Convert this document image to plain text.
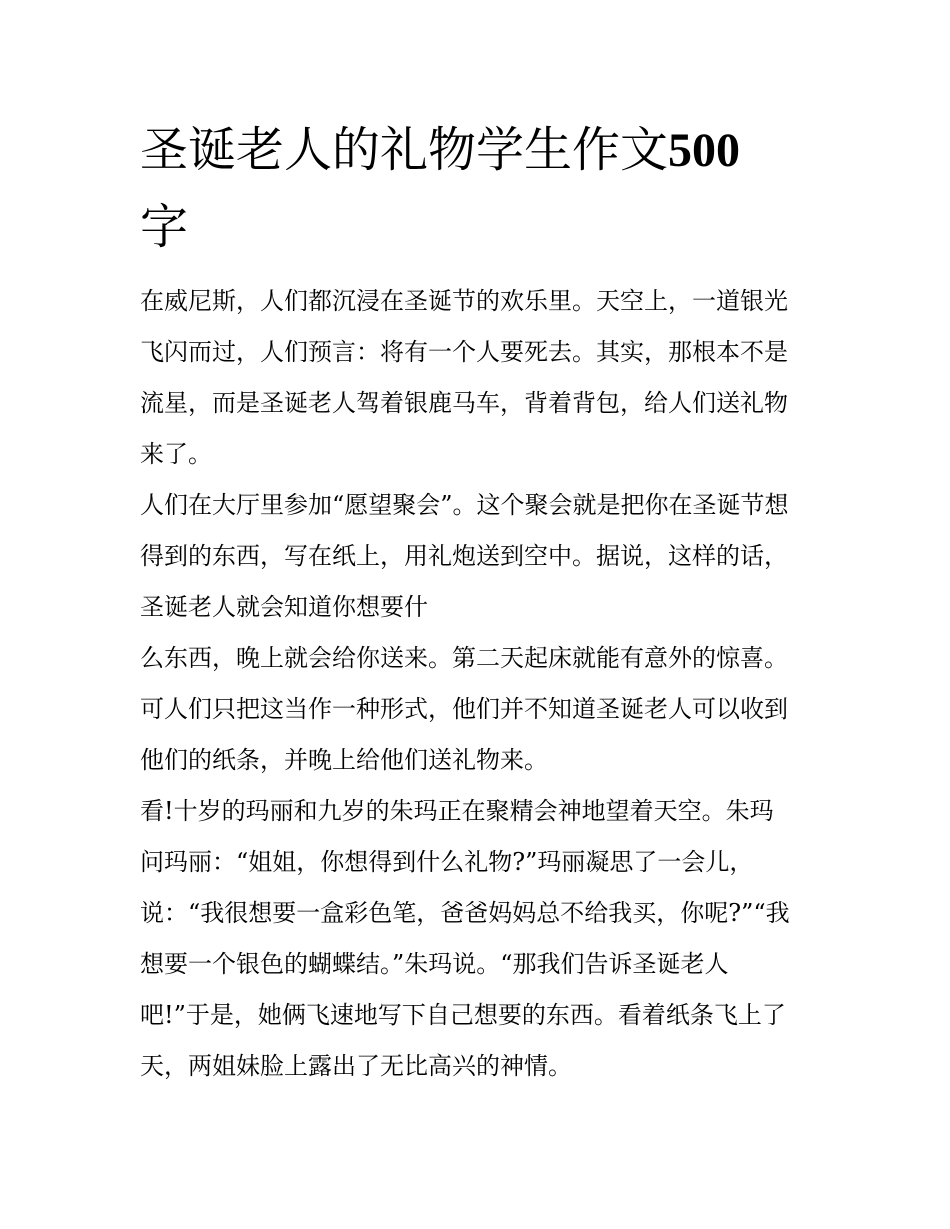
圣诞老人的礼物学生作文500
字
在威尼斯，人们都沉浸在圣诞节的欢乐里。天空上，一道银光
飞闪而过，人们预言：将有一个人要死去。其实，那根本不是
流星，而是圣诞老人驾着银鹿马车，背着背包，给人们送礼物
来了。
人们在大厅里参加“愿望聚会”。这个聚会就是把你在圣诞节想
得到的东西，写在纸上，用礼炮送到空中。据说，这样的话，
圣诞老人就会知道你想要什
么东西，晚上就会给你送来。第二天起床就能有意外的惊喜。
可人们只把这当作一种形式，他们并不知道圣诞老人可以收到
他们的纸条，并晚上给他们送礼物来。
看!十岁的玛丽和九岁的朱玛正在聚精会神地望着天空。朱玛
问玛丽：“姐姐，你想得到什么礼物?”玛丽凝思了一会儿，
说：“我很想要一盒彩色笔，爸爸妈妈总不给我买，你呢?”“我
想要一个银色的蝴蝶结。”朱玛说。“那我们告诉圣诞老人
吧!”于是，她俩飞速地写下自己想要的东西。看着纸条飞上了
天，两姐妹脸上露出了无比高兴的神情。
